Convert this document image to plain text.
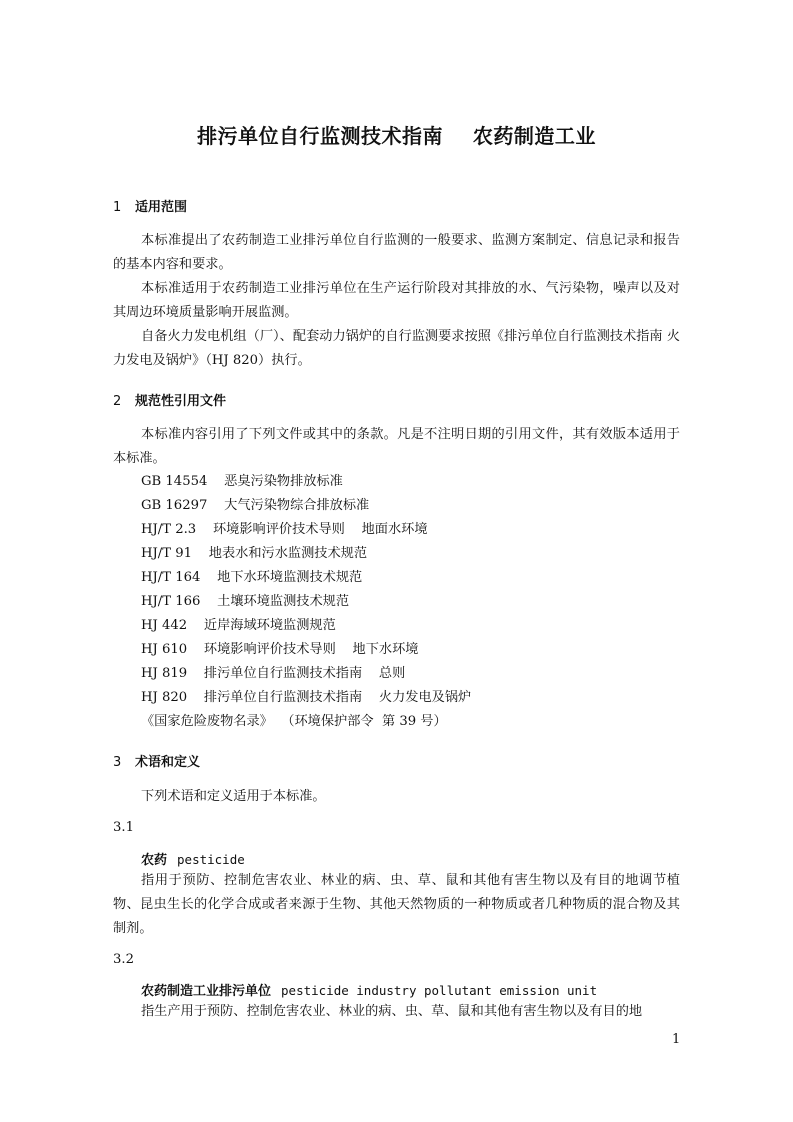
排污单位自行监测技术指南    农药制造工业
1 适用范围
本标准提出了农药制造工业排污单位自行监测的一般要求、监测方案制定、信息记录和报告的基本内容和要求。
本标准适用于农药制造工业排污单位在生产运行阶段对其排放的水、气污染物，噪声以及对其周边环境质量影响开展监测。
自备火力发电机组（厂）、配套动力锅炉的自行监测要求按照《排污单位自行监测技术指南 火力发电及锅炉》（HJ 820）执行。
2 规范性引用文件
本标准内容引用了下列文件或其中的条款。凡是不注明日期的引用文件，其有效版本适用于本标准。
GB 14554    恶臭污染物排放标准
GB 16297    大气污染物综合排放标准
HJ/T 2.3    环境影响评价技术导则    地面水环境
HJ/T 91    地表水和污水监测技术规范
HJ/T 164    地下水环境监测技术规范
HJ/T 166    土壤环境监测技术规范
HJ 442    近岸海域环境监测规范
HJ 610    环境影响评价技术导则    地下水环境
HJ 819    排污单位自行监测技术指南    总则
HJ 820    排污单位自行监测技术指南    火力发电及锅炉
《国家危险废物名录》  （环境保护部令  第 39 号）
3 术语和定义
下列术语和定义适用于本标准。
3.1
农药 pesticide
指用于预防、控制危害农业、林业的病、虫、草、鼠和其他有害生物以及有目的地调节植物、昆虫生长的化学合成或者来源于生物、其他天然物质的一种物质或者几种物质的混合物及其制剂。
3.2
农药制造工业排污单位 pesticide industry pollutant emission unit
指生产用于预防、控制危害农业、林业的病、虫、草、鼠和其他有害生物以及有目的地
1
